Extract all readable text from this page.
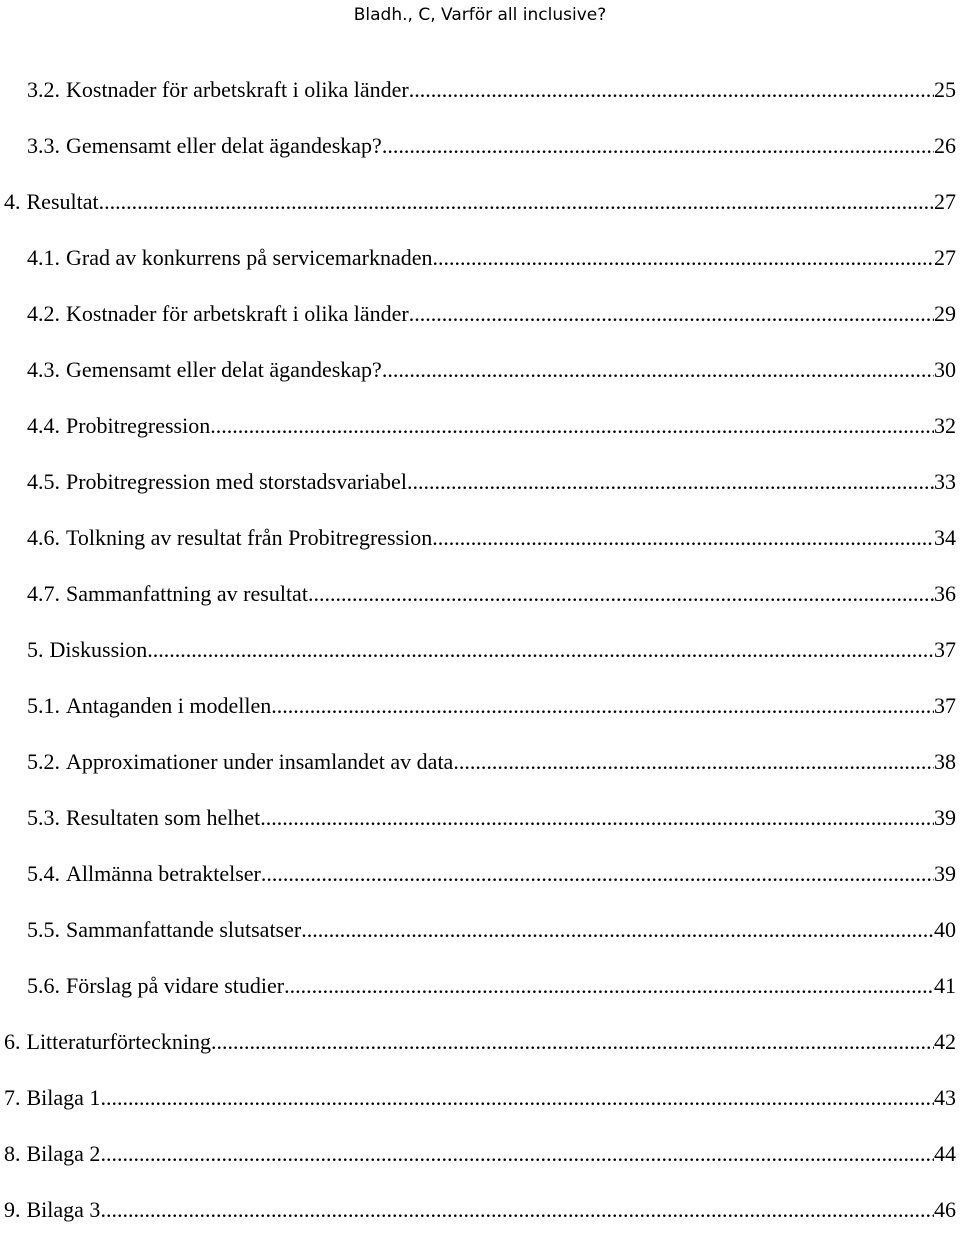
Bladh., C, Varför all inclusive?
3.2. Kostnader för arbetskraft i olika länder .....	25
3.3. Gemensamt eller delat ägandeskap? .....	26
4. Resultat .....	27
4.1. Grad av konkurrens på servicemarknaden .....	27
4.2. Kostnader för arbetskraft i olika länder .....	29
4.3. Gemensamt eller delat ägandeskap? .....	30
4.4. Probitregression .....	32
4.5. Probitregression med storstadsvariabel .....	33
4.6. Tolkning av resultat från Probitregression .....	34
4.7. Sammanfattning av resultat .....	36
5. Diskussion .....	37
5.1. Antaganden i modellen .....	37
5.2. Approximationer under insamlandet av data .....	38
5.3. Resultaten som helhet .....	39
5.4. Allmänna betraktelser .....	39
5.5. Sammanfattande slutsatser .....	40
5.6. Förslag på vidare studier .....	41
6. Litteraturförteckning .....	42
7. Bilaga 1 .....	43
8. Bilaga 2 .....	44
9. Bilaga 3 .....	46
